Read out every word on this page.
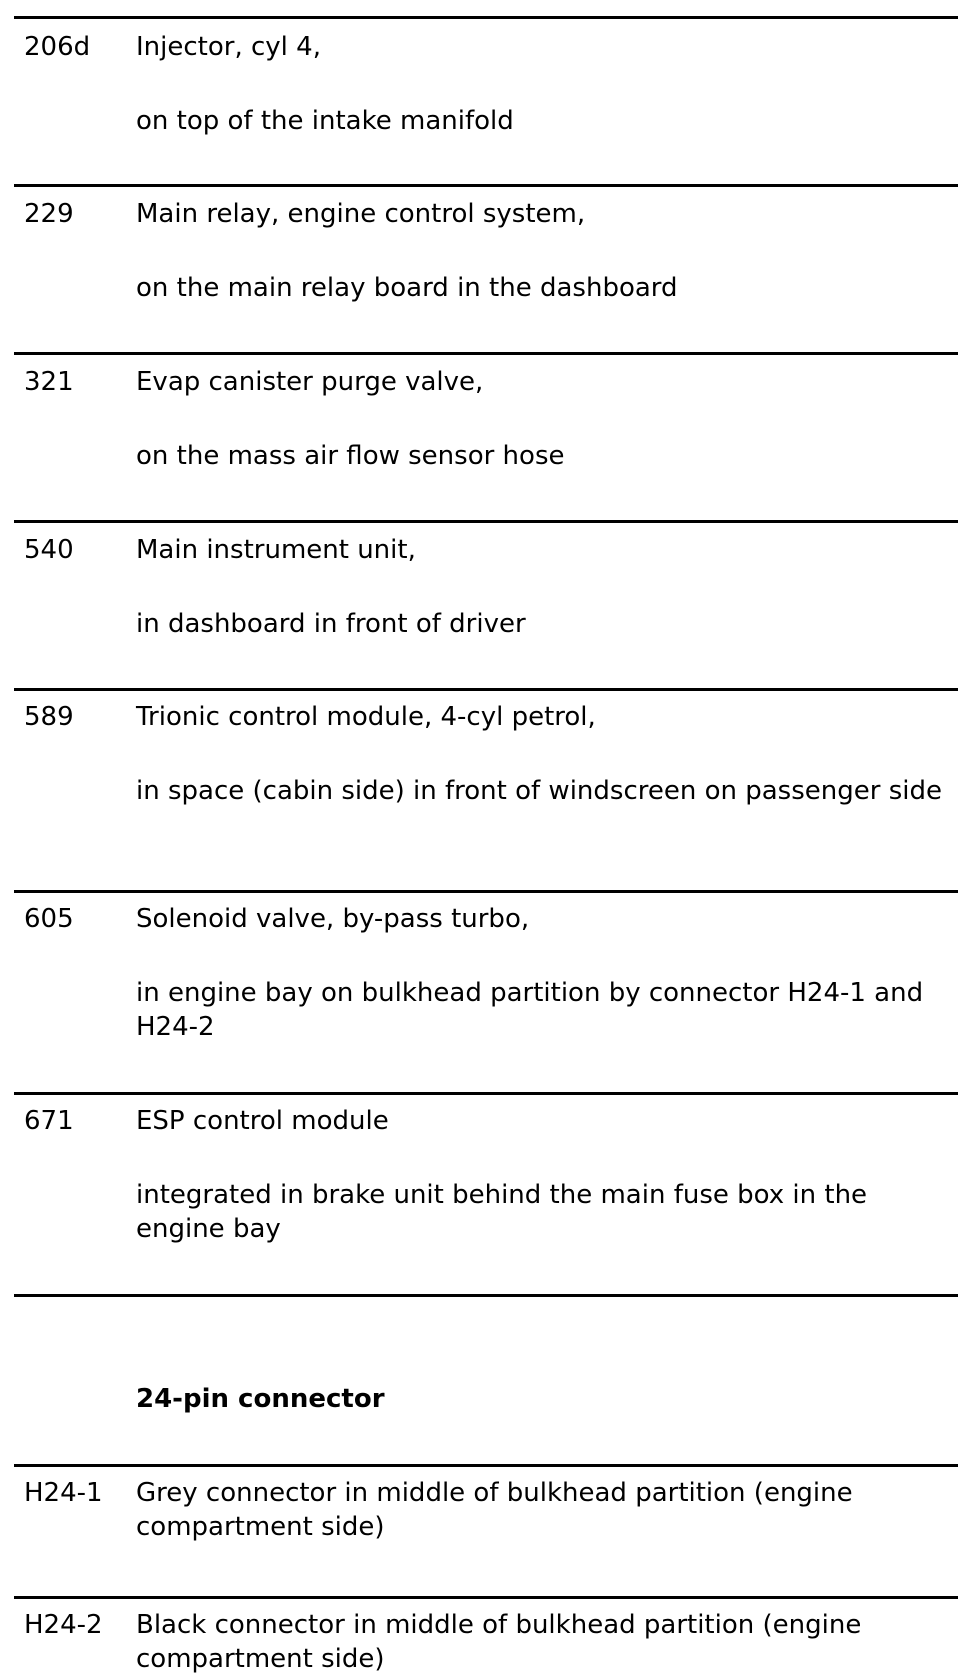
206d Injector, cyl 4,
on top of the intake manifold
229 Main relay, engine control system,
on the main relay board in the dashboard
321 Evap canister purge valve,
on the mass air flow sensor hose
540 Main instrument unit,
in dashboard in front of driver
589 Trionic control module, 4-cyl petrol,
in space (cabin side) in front of windscreen on passenger side
605 Solenoid valve, by-pass turbo,
in engine bay on bulkhead partition by connector H24-1 and H24-2
671 ESP control module
integrated in brake unit behind the main fuse box in the engine bay
24-pin connector
H24-1 Grey connector in middle of bulkhead partition (engine compartment side)
H24-2 Black connector in middle of bulkhead partition (engine compartment side)
